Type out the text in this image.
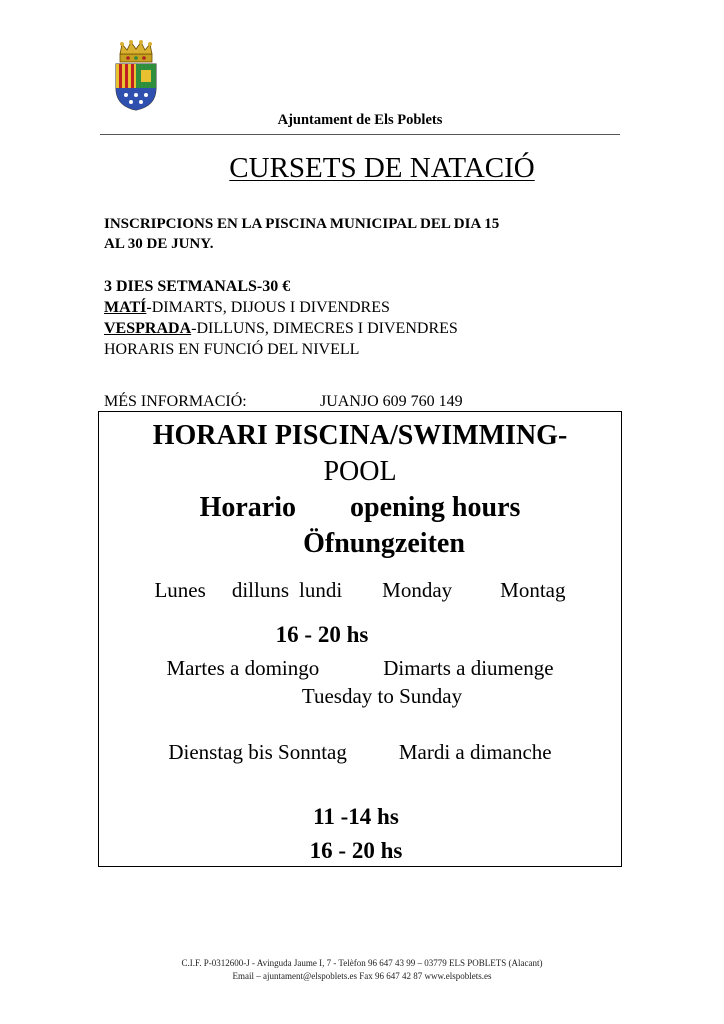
Ajuntament de Els Poblets
CURSETS DE NATACIÓ
INSCRIPCIONS EN LA PISCINA MUNICIPAL DEL DIA 15
AL 30 DE JUNY.
3 DIES SETMANALS-30 €
MATÍ-DIMARTS, DIJOUS I DIVENDRES
VESPRADA-DILLUNS, DIMECRES I DIVENDRES
HORARIS EN FUNCIÓ DEL NIVELL
MÉS INFORMACIÓ:	JUANJO 609 760 149
HORARI PISCINA/SWIMMING-
POOL
Horario opening hours
Öfnungzeiten
Lunes dilluns lundi Monday Montag
16 - 20 hs
Martes a domingo	Dimarts a diumenge
Tuesday to Sunday
Dienstag bis Sonntag Mardi a dimanche
11 -14 hs
16 - 20 hs
C.I.F. P-0312600-J - Avinguda Jaume I, 7 - Telèfon 96 647 43 99 – 03779 ELS POBLETS (Alacant)
Email – ajuntament@elspoblets.es Fax 96 647 42 87 www.elspoblets.es
